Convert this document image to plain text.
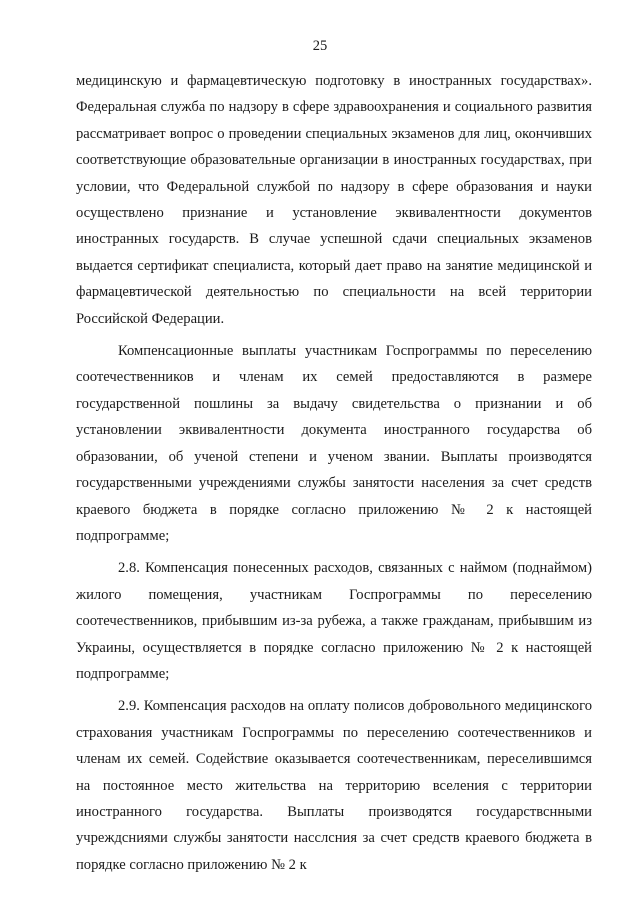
25

медицинскую и фармацевтическую подготовку в иностранных государствах». Федеральная служба по надзору в сфере здравоохранения и социального развития рассматривает вопрос о проведении специальных экзаменов для лиц, окончивших соответствующие образовательные организации в иностранных государствах, при условии, что Федеральной службой по надзору в сфере образования и науки осуществлено признание и установление эквивалентности документов иностранных государств. В случае успешной сдачи специальных экзаменов выдается сертификат специалиста, который дает право на занятие медицинской и фармацевтической деятельностью по специальности на всей территории Российской Федерации.

Компенсационные выплаты участникам Госпрограммы по переселению соотечественников и членам их семей предоставляются в размере государственной пошлины за выдачу свидетельства о признании и об установлении эквивалентности документа иностранного государства об образовании, об ученой степени и ученом звании. Выплаты производятся государственными учреждениями службы занятости населения за счет средств краевого бюджета в порядке согласно приложению № 2 к настоящей подпрограмме;

2.8. Компенсация понесенных расходов, связанных с наймом (поднаймом) жилого помещения, участникам Госпрограммы по переселению соотечественников, прибывшим из-за рубежа, а также гражданам, прибывшим из Украины, осуществляется в порядке согласно приложению № 2 к настоящей подпрограмме;

2.9. Компенсация расходов на оплату полисов добровольного медицинского страхования участникам Госпрограммы по переселению соотечественников и членам их семей. Содействие оказывается соотечественникам, переселившимся на постоянное место жительства на территорию вселения с территории иностранного государства. Выплаты производятся государствснными учреждсниями службы занятости насслсния за счет средств краевого бюджета в порядке согласно приложению № 2 к
